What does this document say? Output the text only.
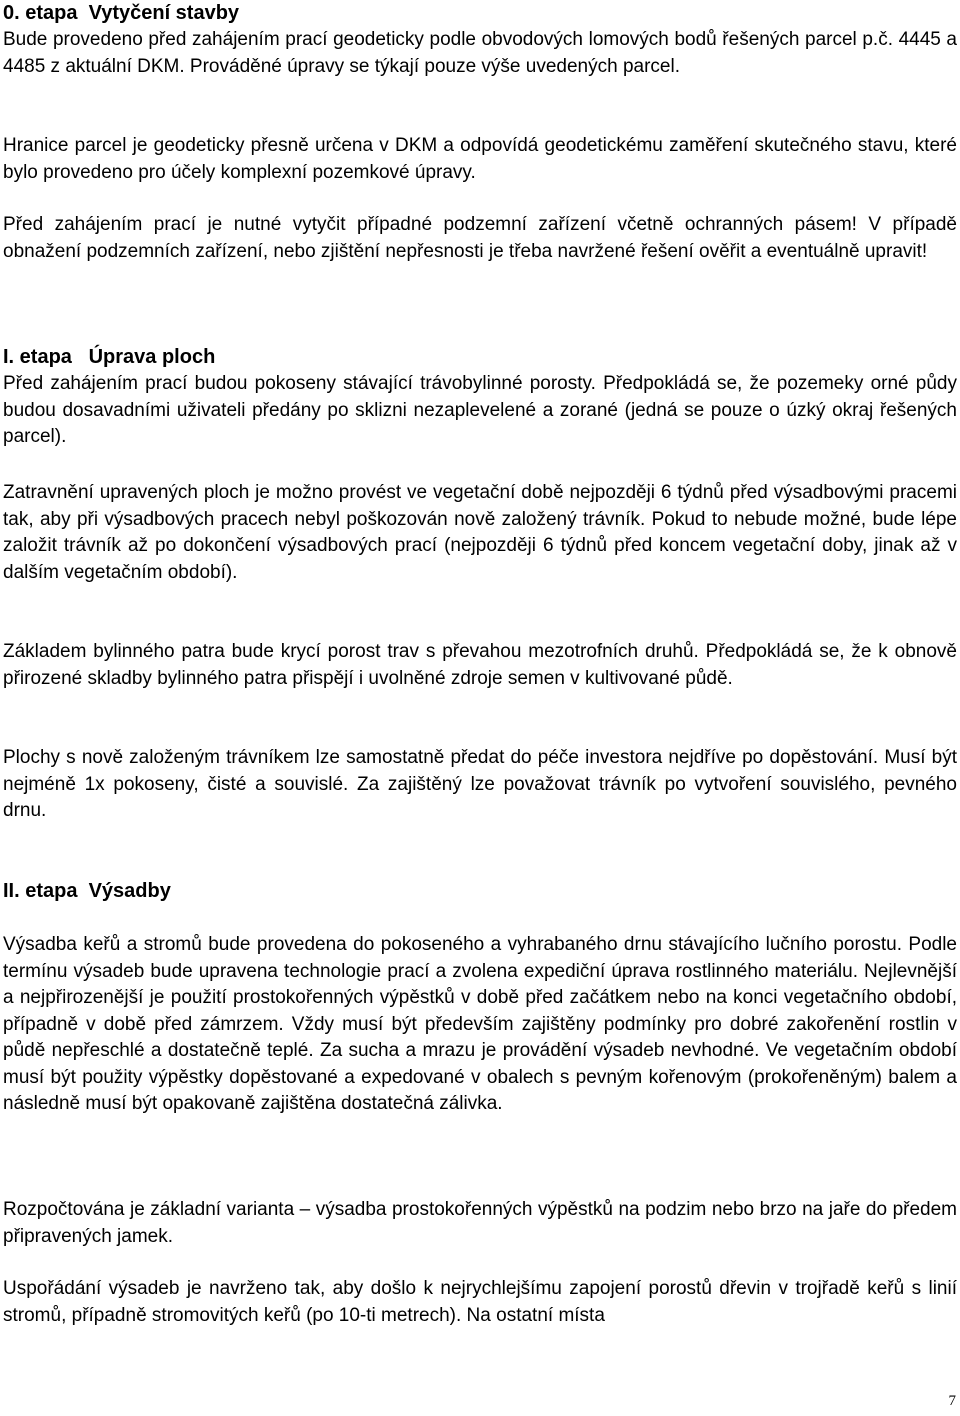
0. etapa  Vytyčení stavby

Bude provedeno před zahájením prací geodeticky podle obvodových lomových bodů řešených parcel p.č. 4445 a 4485 z aktuální DKM. Prováděné úpravy se týkají pouze výše uvedených parcel.

Hranice parcel je geodeticky přesně určena v DKM a odpovídá geodetickému zaměření skutečného stavu, které bylo provedeno pro účely komplexní pozemkové úpravy.

Před zahájením prací je nutné vytyčit případné podzemní zařízení včetně ochranných pásem! V případě obnažení podzemních zařízení, nebo zjištění nepřesnosti je třeba navržené řešení ověřit a eventuálně upravit!

I. etapa   Úprava ploch

Před zahájením prací budou pokoseny stávající trávobylinné porosty. Předpokládá se, že pozemeky orné půdy budou dosavadními uživateli předány po sklizni nezaplevelené a zorané (jedná se pouze o úzký okraj řešených parcel).

Zatravnění upravených ploch je možno provést ve vegetační době nejpozději 6 týdnů před výsadbovými pracemi tak, aby při výsadbových pracech nebyl poškozován nově založený trávník. Pokud to nebude možné, bude lépe založit trávník až po dokončení výsadbových prací (nejpozději 6 týdnů před koncem vegetační doby, jinak až v dalším vegetačním období).

Základem bylinného patra bude krycí porost trav s převahou mezotrofních druhů. Předpokládá se, že k obnově přirozené skladby bylinného patra přispějí i uvolněné zdroje semen v kultivované půdě.

Plochy s nově založeným trávníkem lze samostatně předat do péče investora nejdříve po dopěstování. Musí být nejméně 1x pokoseny, čisté a souvislé. Za zajištěný lze považovat trávník po vytvoření souvislého, pevného drnu.

II. etapa  Výsadby

Výsadba keřů a stromů bude provedena do pokoseného a vyhrabaného drnu stávajícího lučního porostu. Podle termínu výsadeb bude upravena technologie prací a zvolena expediční úprava rostlinného materiálu. Nejlevnější a nejpřirozenější je použití prostokořenných výpěstků v době před začátkem nebo na konci vegetačního období, případně v době před zámrzem. Vždy musí být především zajištěny podmínky pro dobré zakořenění rostlin v půdě nepřeschlé a dostatečně teplé. Za sucha a mrazu je provádění výsadeb nevhodné. Ve vegetačním období musí být použity výpěstky dopěstované a expedované v obalech s pevným kořenovým (prokořeněným) balem a následně musí být opakovaně zajištěna dostatečná zálivka.

Rozpočtována je základní varianta – výsadba prostokořenných výpěstků na podzim nebo brzo na jaře do předem připravených jamek.

Uspořádání výsadeb je navrženo tak, aby došlo k nejrychlejšímu zapojení porostů dřevin v trojřadě keřů s linií stromů, případně stromovitých keřů (po 10-ti metrech). Na ostatní místa

7
